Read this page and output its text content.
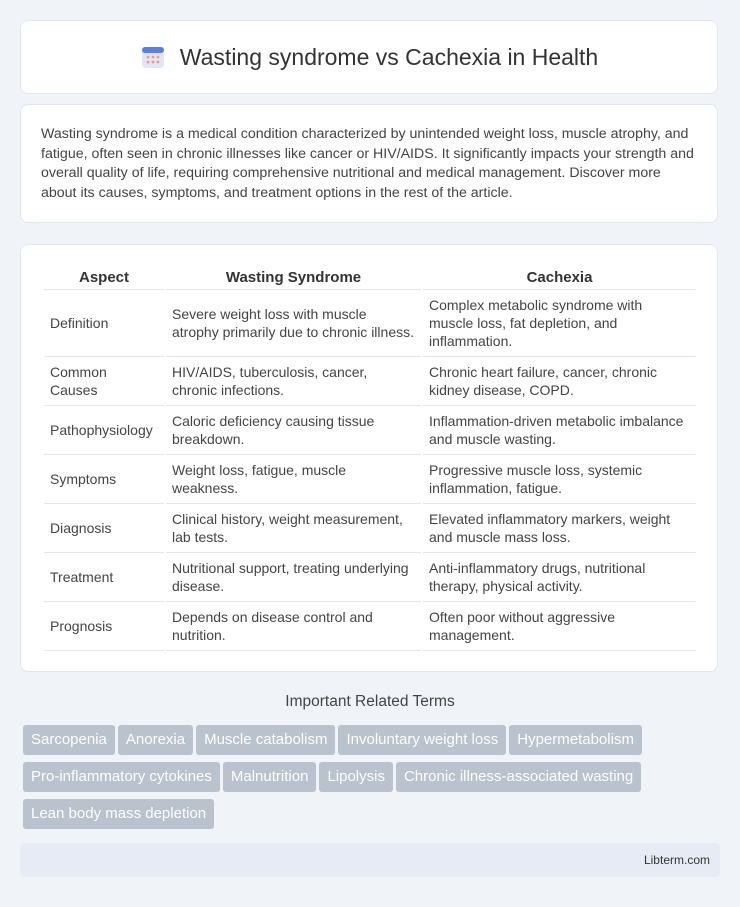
Wasting syndrome vs Cachexia in Health
Wasting syndrome is a medical condition characterized by unintended weight loss, muscle atrophy, and fatigue, often seen in chronic illnesses like cancer or HIV/AIDS. It significantly impacts your strength and overall quality of life, requiring comprehensive nutritional and medical management. Discover more about its causes, symptoms, and treatment options in the rest of the article.
Aspect	Wasting Syndrome	Cachexia
Definition	Severe weight loss with muscle atrophy primarily due to chronic illness.	Complex metabolic syndrome with muscle loss, fat depletion, and inflammation.
Common Causes	HIV/AIDS, tuberculosis, cancer, chronic infections.	Chronic heart failure, cancer, chronic kidney disease, COPD.
Pathophysiology	Caloric deficiency causing tissue breakdown.	Inflammation-driven metabolic imbalance and muscle wasting.
Symptoms	Weight loss, fatigue, muscle weakness.	Progressive muscle loss, systemic inflammation, fatigue.
Diagnosis	Clinical history, weight measurement, lab tests.	Elevated inflammatory markers, weight and muscle mass loss.
Treatment	Nutritional support, treating underlying disease.	Anti-inflammatory drugs, nutritional therapy, physical activity.
Prognosis	Depends on disease control and nutrition.	Often poor without aggressive management.
Important Related Terms
Sarcopenia Anorexia Muscle catabolism Involuntary weight loss Hypermetabolism
Pro-inflammatory cytokines Malnutrition Lipolysis Chronic illness-associated wasting
Lean body mass depletion
Libterm.com
